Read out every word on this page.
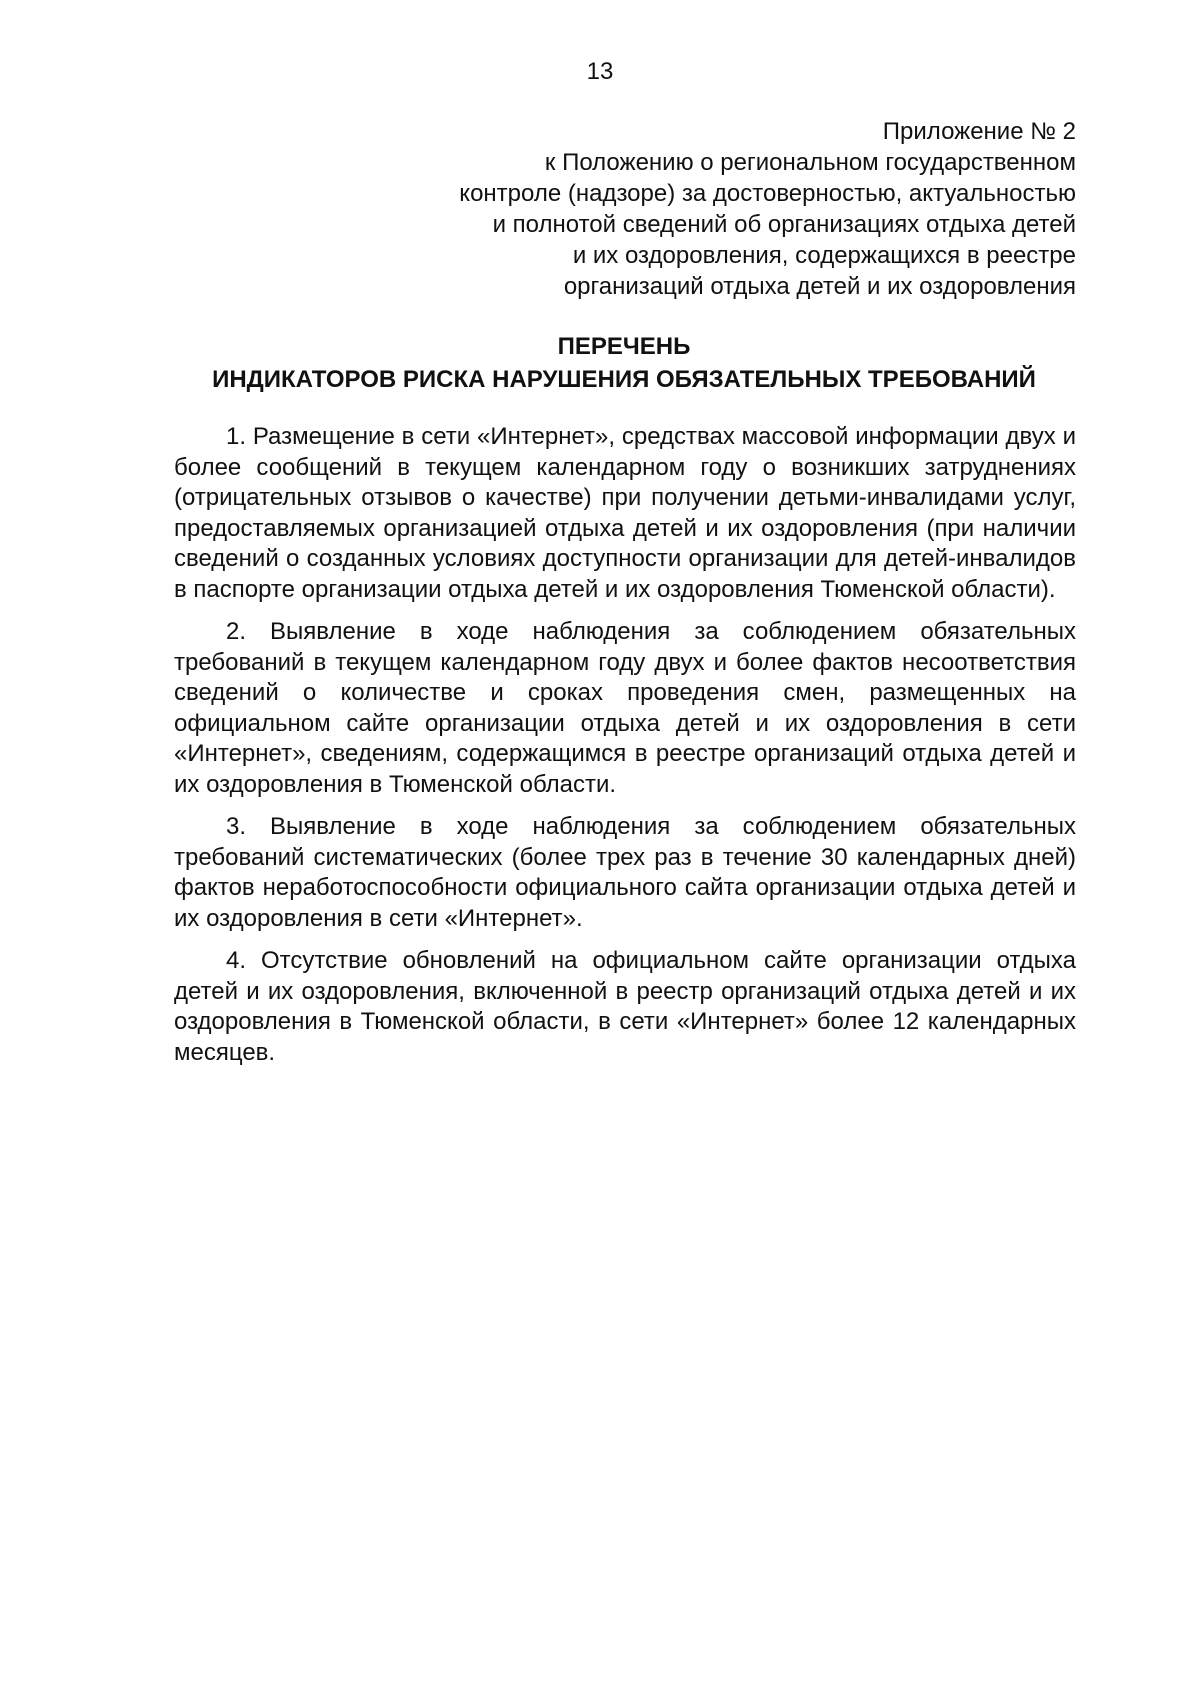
13
Приложение № 2
к Положению о региональном государственном
контроле (надзоре) за достоверностью, актуальностью
и полнотой сведений об организациях отдыха детей
и их оздоровления, содержащихся в реестре
организаций отдыха детей и их оздоровления
ПЕРЕЧЕНЬ
ИНДИКАТОРОВ РИСКА НАРУШЕНИЯ ОБЯЗАТЕЛЬНЫХ ТРЕБОВАНИЙ

1. Размещение в сети «Интернет», средствах массовой информации двух и более сообщений в текущем календарном году о возникших затруднениях (отрицательных отзывов о качестве) при получении детьми-инвалидами услуг, предоставляемых организацией отдыха детей и их оздоровления (при наличии сведений о созданных условиях доступности организации для детей-инвалидов в паспорте организации отдыха детей и их оздоровления Тюменской области).

2. Выявление в ходе наблюдения за соблюдением обязательных требований в текущем календарном году двух и более фактов несоответствия сведений о количестве и сроках проведения смен, размещенных на официальном сайте организации отдыха детей и их оздоровления в сети «Интернет», сведениям, содержащимся в реестре организаций отдыха детей и их оздоровления в Тюменской области.

3. Выявление в ходе наблюдения за соблюдением обязательных требований систематических (более трех раз в течение 30 календарных дней) фактов неработоспособности официального сайта организации отдыха детей и их оздоровления в сети «Интернет».

4. Отсутствие обновлений на официальном сайте организации отдыха детей и их оздоровления, включенной в реестр организаций отдыха детей и их оздоровления в Тюменской области, в сети «Интернет» более 12 календарных месяцев.
